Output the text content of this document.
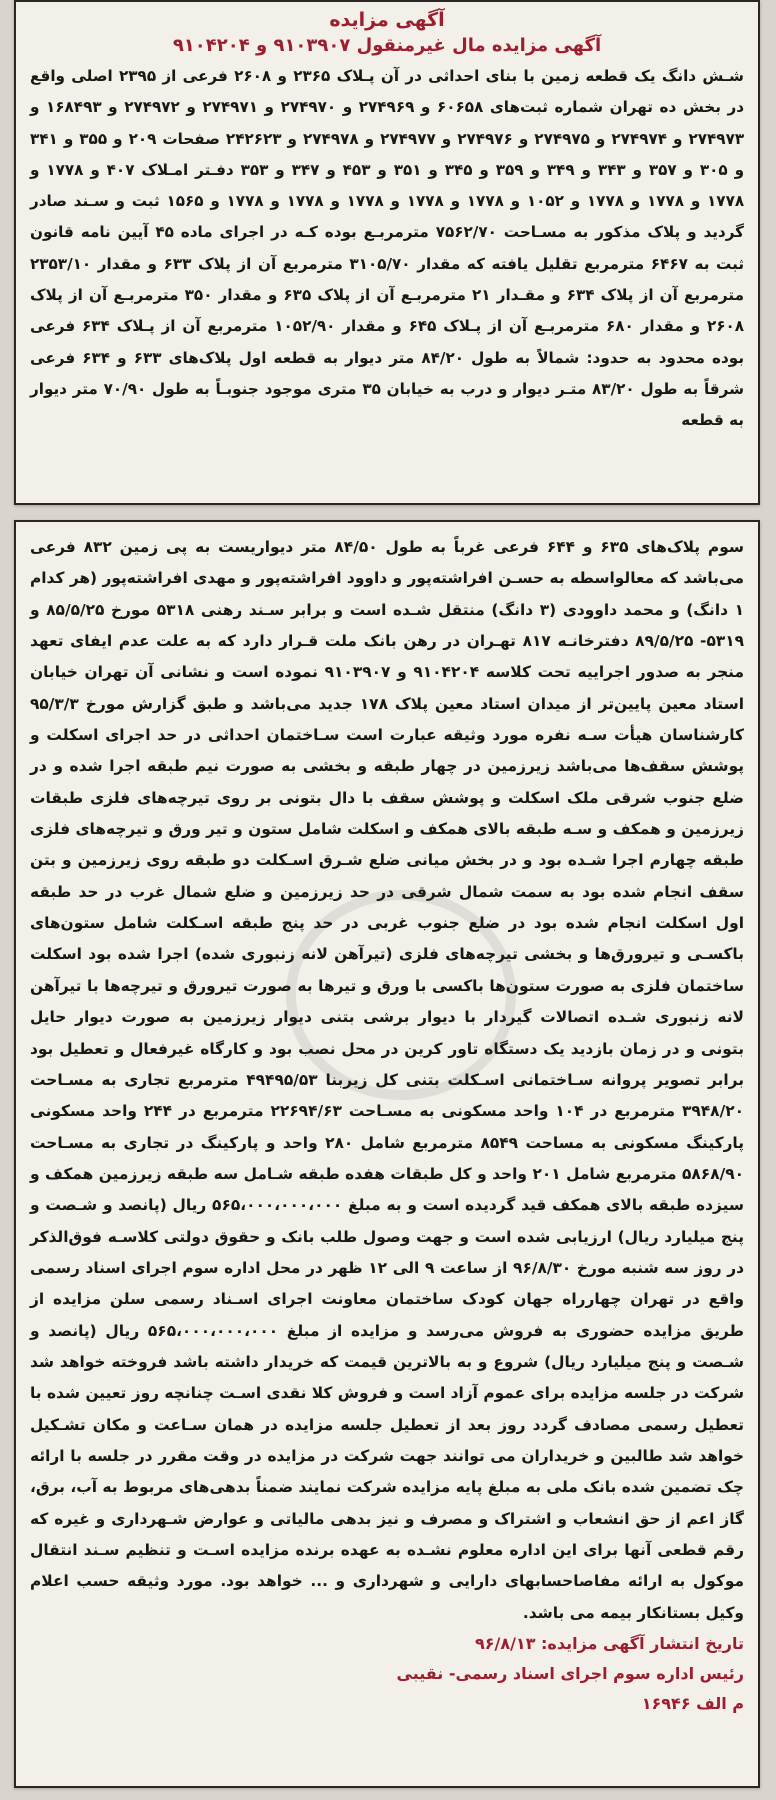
آگهی مزایده
آگهی مزایده مال غیرمنقول ۹۱۰۳۹۰۷ و ۹۱۰۴۲۰۴

شـش دانگ یک قطعه زمین با بنای احداثی در آن پـلاک ۲۳۶۵ و ۲۶۰۸ فرعی از ۲۳۹۵ اصلی واقع در بخش ده تهران شماره ثبت‌های ۶۰۶۵۸ و ۲۷۴۹۶۹ و ۲۷۴۹۷۰ و ۲۷۴۹۷۱ و ۲۷۴۹۷۲ و ۱۶۸۴۹۳ و ۲۷۴۹۷۳ و ۲۷۴۹۷۴ و ۲۷۴۹۷۵ و ۲۷۴۹۷۶ و ۲۷۴۹۷۷ و ۲۷۴۹۷۸ و ۲۴۲۶۲۳ صفحات ۲۰۹ و ۳۵۵ و ۳۴۱ و ۳۰۵ و ۳۵۷ و ۳۴۳ و ۳۴۹ و ۳۵۹ و ۳۴۵ و ۳۵۱ و ۴۵۳ و ۳۴۷ و ۳۵۳ دفـتر امـلاک ۴۰۷ و ۱۷۷۸ و ۱۷۷۸ و ۱۷۷۸ و ۱۷۷۸ و ۱۰۵۲ و ۱۷۷۸ و ۱۷۷۸ و ۱۷۷۸ و ۱۷۷۸ و ۱۷۷۸ و ۱۵۶۵ ثبت و سـند صادر گردید و پلاک مذکور به مسـاحت ۷۵۶۲/۷۰ مترمربـع بوده کـه در اجرای ماده ۴۵ آیین نامه قانون ثبت به ۶۴۶۷ مترمربع تقلیل یافته که مقدار ۳۱۰۵/۷۰ مترمربع آن از پلاک ۶۳۳ و مقدار ۲۳۵۳/۱۰ مترمربع آن از پلاک ۶۳۴ و مقـدار ۲۱ مترمربـع آن از پلاک ۶۳۵ و مقدار ۳۵۰ مترمربـع آن از پلاک ۲۶۰۸ و مقدار ۶۸۰ مترمربـع آن از پـلاک ۶۴۵ و مقدار ۱۰۵۲/۹۰ مترمربع آن از پـلاک ۶۳۴ فرعی بوده محدود به حدود: شمالاً به طول ۸۴/۲۰ متر دیوار به قطعه اول پلاک‌های ۶۳۳ و ۶۳۴ فرعی شرقاً به طول ۸۳/۲۰ متـر دیوار و درب به خیابان ۳۵ متری موجود جنوبـاً به طول ۷۰/۹۰ متر دیوار به قطعه

سوم پلاک‌های ۶۳۵ و ۶۴۴ فرعی غرباً به طول ۸۴/۵۰ متر دیواریست به پی زمین ۸۳۲ فرعی می‌باشد که معالواسطه به حسـن افراشته‌پور و داوود افراشته‌پور و مهدی افراشته‌پور (هر کدام ۱ دانگ) و محمد داوودی (۳ دانگ) منتقل شـده است و برابر سـند رهنی ۵۳۱۸ مورخ ۸۵/۵/۲۵ و ۵۳۱۹- ۸۹/۵/۲۵ دفترخانـه ۸۱۷ تهـران در رهن بانک ملت قـرار دارد که به علت عدم ایفای تعهد منجر به صدور اجراییه تحت کلاسه ۹۱۰۴۲۰۴ و ۹۱۰۳۹۰۷ نموده است و نشانی آن تهران خیابان استاد معین پایین‌تر از میدان استاد معین پلاک ۱۷۸ جدید می‌باشد و طبق گزارش مورخ ۹۵/۳/۳ کارشناسان هیأت سـه نفره مورد وثیقه عبارت است سـاختمان احداثی در حد اجرای اسکلت و پوشش سقف‌ها می‌باشد زیرزمین در چهار طبقه و بخشی به صورت نیم طبقه اجرا شده و در ضلع جنوب شرقی ملک اسکلت و پوشش سقف با دال بتونی بر روی تیرچه‌های فلزی طبقات زیرزمین و همکف و سـه طبقه بالای همکف و اسکلت شامل ستون و تیر ورق و تیرچه‌های فلزی طبقه چهارم اجرا شـده بود و در بخش میانی ضلع شـرق اسـکلت دو طبقه روی زیرزمین و بتن سقف انجام شده بود به سمت شمال شرقی در حد زیرزمین و ضلع شمال غرب در حد طبقه اول اسکلت انجام شده بود در ضلع جنوب غربی در حد پنج طبقه اسـکلت شامل ستون‌های باکسـی و تیرورق‌ها و بخشی تیرچه‌های فلزی (تیرآهن لانه زنبوری شده) اجرا شده بود اسکلت ساختمان فلزی به صورت ستون‌ها باکسی با ورق و تیرها به صورت تیرورق و تیرچه‌ها با تیرآهن لانه زنبوری شـده اتصالات گیردار با دیوار برشی بتنی دیوار زیرزمین به صورت دیوار حایل بتونی و در زمان بازدید یک دستگاه تاور کرین در محل نصب بود و کارگاه غیرفعال و تعطیل بود برابر تصویر پروانه سـاختمانی اسـکلت بتنی کل زیربنا ۴۹۴۹۵/۵۳ مترمربع تجاری به مسـاحت ۳۹۴۸/۲۰ مترمربع در ۱۰۴ واحد مسکونی به مسـاحت ۲۲۶۹۴/۶۳ مترمربع در ۲۴۴ واحد مسکونی پارکینگ مسکونی به مساحت ۸۵۴۹ مترمربع شامل ۲۸۰ واحد و پارکینگ در تجاری به مسـاحت ۵۸۶۸/۹۰ مترمربع شامل ۲۰۱ واحد و کل طبقات هفده طبقه شـامل سه طبقه زیرزمین همکف و سیزده طبقه بالای همکف قید گردیده است و به مبلغ ۵۶۵،۰۰۰،۰۰۰،۰۰۰ ریال (پانصد و شـصت و پنج میلیارد ریال) ارزیابی شده است و جهت وصول طلب بانک و حقوق دولتی کلاسـه فوق‌الذکر در روز سه شنبه مورخ ۹۶/۸/۳۰ از ساعت ۹ الی ۱۲ ظهر در محل اداره سوم اجرای اسناد رسمی واقع در تهران چهارراه جهان کودک ساختمان معاونت اجرای اسـناد رسمی سلن مزایده از طریق مزایده حضوری به فروش می‌رسد و مزایده از مبلغ ۵۶۵،۰۰۰،۰۰۰،۰۰۰ ریال (پانصد و شـصت و پنج میلیارد ریال) شروع و به بالاترین قیمت که خریدار داشته باشد فروخته خواهد شد شرکت در جلسه مزایده برای عموم آزاد است و فروش کلا نقدی اسـت چنانچه روز تعیین شده با تعطیل رسمی مصادف گردد روز بعد از تعطیل جلسه مزایده در همان سـاعت و مکان تشـکیل خواهد شد طالبین و خریداران می توانند جهت شرکت در مزایده در وقت مقرر در جلسه با ارائه چک تضمین شده بانک ملی به مبلغ پایه مزایده شرکت نمایند ضمناً بدهی‌های مربوط به آب، برق، گاز اعم از حق انشعاب و اشتراک و مصرف و نیز بدهی مالیاتی و عوارض شـهرداری و غیره که رقم قطعی آنها برای این اداره معلوم نشـده به عهده برنده مزایده اسـت و تنظیم سـند انتقال موکول به ارائه مفاصاحسابهای دارایی و شهرداری و ... خواهد بود. مورد وثیقه حسب اعلام وکیل بستانکار بیمه می باشد.

تاریخ انتشار آگهی مزایده: ۹۶/۸/۱۳

رئیس اداره سوم اجرای اسناد رسمی- نقیبی

م الف ۱۶۹۴۶
